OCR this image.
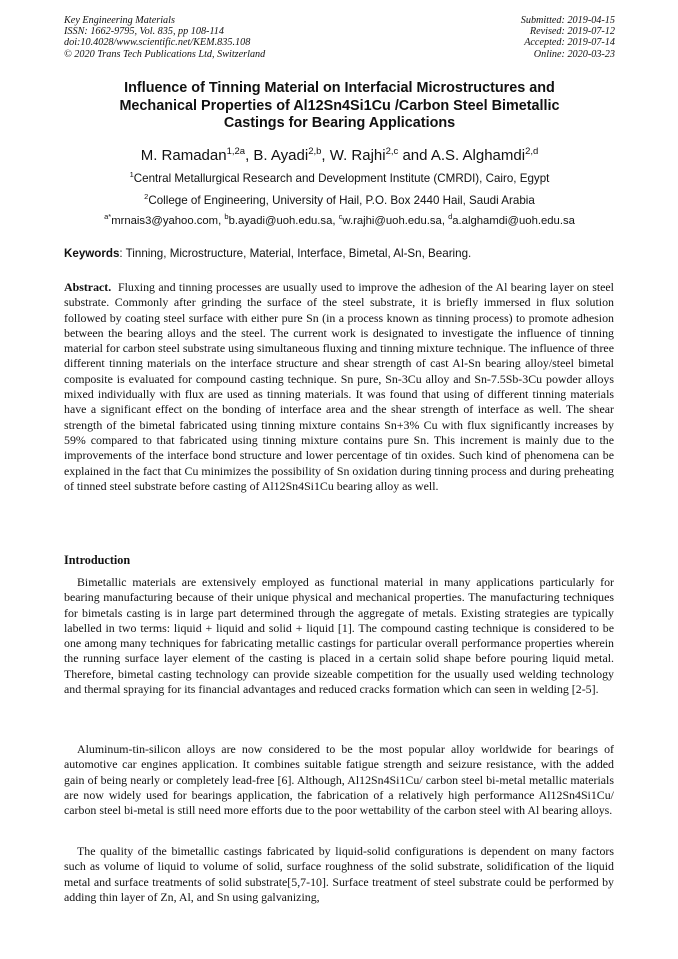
Key Engineering Materials
ISSN: 1662-9795, Vol. 835, pp 108-114
doi:10.4028/www.scientific.net/KEM.835.108
© 2020 Trans Tech Publications Ltd, Switzerland
Submitted: 2019-04-15
Revised: 2019-07-12
Accepted: 2019-07-14
Online: 2020-03-23
Influence of Tinning Material on Interfacial Microstructures and
Mechanical Properties of Al12Sn4Si1Cu /Carbon Steel Bimetallic
Castings for Bearing Applications
M. Ramadan$^{1,2a}$, B. Ayadi$^{2,b}$, W. Rajhi$^{2,c}$ and A.S. Alghamdi$^{2,d}$
$^1$Central Metallurgical Research and Development Institute (CMRDI), Cairo, Egypt
$^2$College of Engineering, University of Hail, P.O. Box 2440 Hail, Saudi Arabia
$^{a*}$mrnais3@yahoo.com, $^b$b.ayadi@uoh.edu.sa, $^c$w.rajhi@uoh.edu.sa, $^d$a.alghamdi@uoh.edu.sa
Keywords: Tinning, Microstructure, Material, Interface, Bimetal, Al-Sn, Bearing.

Abstract. Fluxing and tinning processes are usually used to improve the adhesion of the Al bearing layer on steel substrate. Commonly after grinding the surface of the steel substrate, it is briefly immersed in flux solution followed by coating steel surface with either pure Sn (in a process known as tinning process) to promote adhesion between the bearing alloys and the steel. The current work is designated to investigate the influence of tinning material for carbon steel substrate using simultaneous fluxing and tinning mixture technique. The influence of three different tinning materials on the interface structure and shear strength of cast Al-Sn bearing alloy/steel bimetal composite is evaluated for compound casting technique. Sn pure, Sn-3Cu alloy and Sn-7.5Sb-3Cu powder alloys mixed individually with flux are used as tinning materials. It was found that using of different tinning materials have a significant effect on the bonding of interface area and the shear strength of interface as well. The shear strength of the bimetal fabricated using tinning mixture contains Sn+3% Cu with flux significantly increases by 59% compared to that fabricated using tinning mixture contains pure Sn. This increment is mainly due to the improvements of the interface bond structure and lower percentage of tin oxides. Such kind of phenomena can be explained in the fact that Cu minimizes the possibility of Sn oxidation during tinning process and during preheating of tinned steel substrate before casting of Al12Sn4Si1Cu bearing alloy as well.

Introduction

Bimetallic materials are extensively employed as functional material in many applications particularly for bearing manufacturing because of their unique physical and mechanical properties. The manufacturing techniques for bimetals casting is in large part determined through the aggregate of metals. Existing strategies are typically labelled in two terms: liquid + liquid and solid + liquid [1]. The compound casting technique is considered to be one among many techniques for fabricating metallic castings for particular overall performance properties wherein the running surface layer element of the casting is placed in a certain solid shape before pouring liquid metal. Therefore, bimetal casting technology can provide sizeable competition for the usually used welding technology and thermal spraying for its financial advantages and reduced cracks formation which can seen in welding [2-5].

Aluminum-tin-silicon alloys are now considered to be the most popular alloy worldwide for bearings of automotive car engines application. It combines suitable fatigue strength and seizure resistance, with the added gain of being nearly or completely lead-free [6]. Although, Al12Sn4Si1Cu/ carbon steel bi-metal metallic materials are now widely used for bearings application, the fabrication of a relatively high performance Al12Sn4Si1Cu/ carbon steel bi-metal is still need more efforts due to the poor wettability of the carbon steel with Al bearing alloys.

The quality of the bimetallic castings fabricated by liquid-solid configurations is dependent on many factors such as volume of liquid to volume of solid, surface roughness of the solid substrate, solidification of the liquid metal and surface treatments of solid substrate[5,7-10]. Surface treatment of steel substrate could be performed by adding thin layer of Zn, Al, and Sn using galvanizing,
